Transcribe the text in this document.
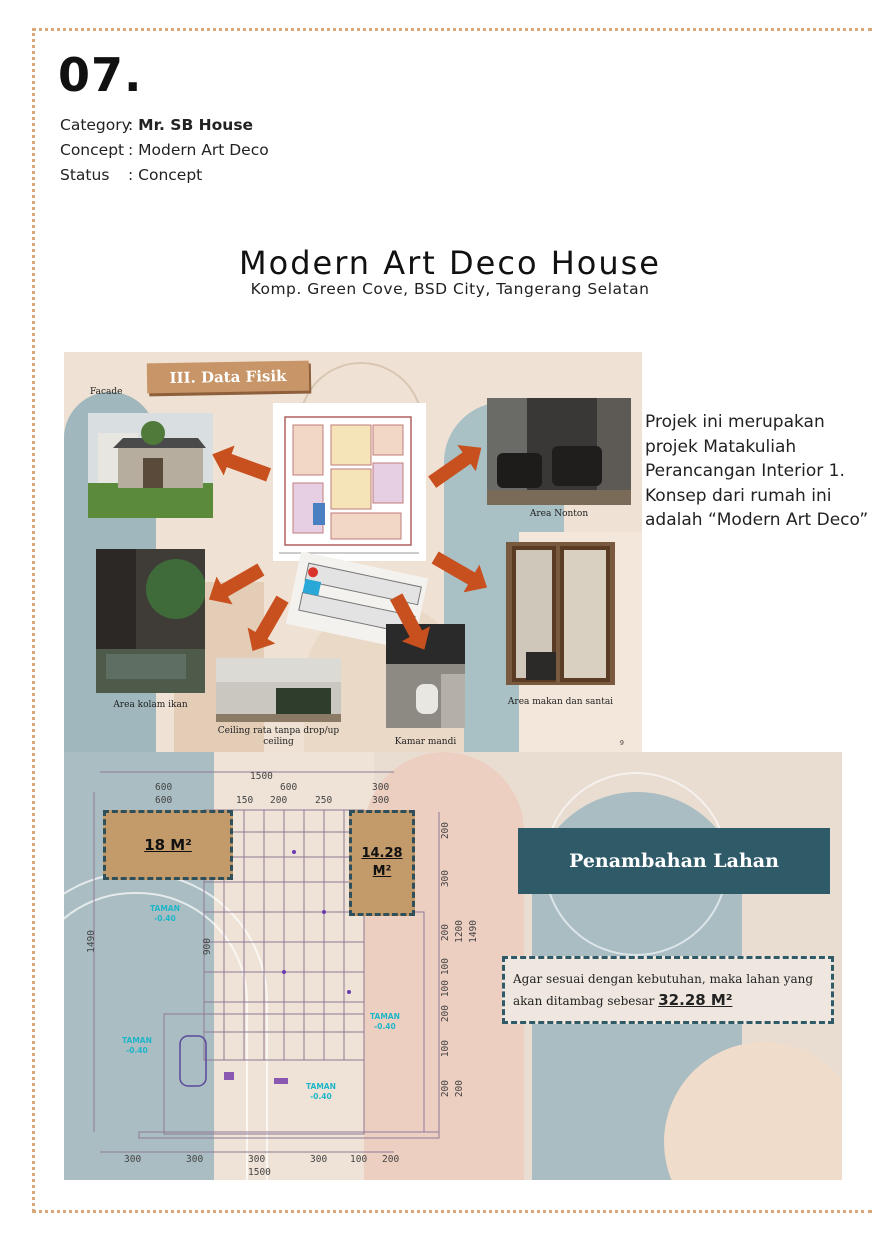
07.
Category: Mr. SB House
Concept : Modern Art Deco
Status : Concept
Modern Art Deco House
Komp. Green Cove, BSD City, Tangerang Selatan
III. Data Fisik
Facade
Area Nonton
Area kolam ikan
Ceiling rata tanpa drop/up ceiling	Kamar mandi
Area makan dan santai
9
Projek ini merupakan projek Matakuliah Perancangan Interior 1. Konsep dari rumah ini adalah “Modern Art Deco”
18 M²	14.28
M²
1500
600
600
600
150 200	250
300
300
300	300	300	300 100 200
1500
200
300
200
100
100
200
100
200 200
1200 1490
1490	900
TAMAN
-0.40
TAMAN
-0.40
TAMAN
-0.40
TAMAN
-0.40
Penambahan Lahan
Agar sesuai dengan kebutuhan, maka lahan yang akan ditambag sebesar 32.28 M²
